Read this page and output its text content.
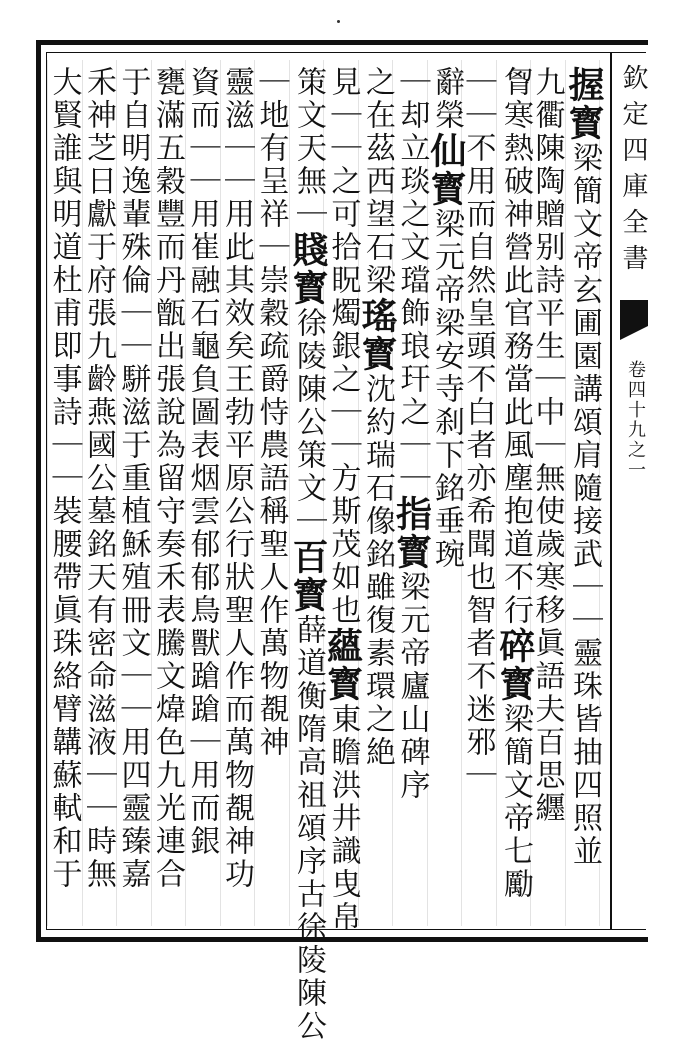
欽定四庫全書
卷四十九之一
握寳梁簡文帝玄圃園講頌肩隨接武｜｜靈珠皆抽四照並
九衢陳陶贈别詩平生｜中｜無使歲寒移眞語夫百思纒
胷寒熱破神營此官務當此風塵抱道不行碎寳梁簡文帝七勵
｜｜不用而自然皇頭不白者亦希聞也智者不迷邪｜
辭榮仙寳梁元帝梁安寺刹下銘垂琬
｜却立琰之文璫飾琅玕之｜｜指寳梁元帝廬山碑序
之在茲西望石梁瑤寳沈約瑞石像銘雖復素環之絶
見｜｜之可拾眖燭銀之｜｜方斯茂如也蘊寳東瞻洪井識曳帛
策文天無｜賤寳徐陵陳公策文｜百寳薛道衡隋高祖頌序古徐陵陳公
｜地有呈祥｜崇穀疏爵恃農語稱聖人作萬物覩神
靈滋｜｜用此其效矣王勃平原公行狀聖人作而萬物覩神功
資而｜｜用崔融石龜負圖表烟雲郁郁鳥獸蹌蹌｜用而銀
甕滿五穀豐而丹甑出張說為留守奏禾表騰文煒色九光連合
于自明逸輩殊倫｜｜駢滋于重植穌殖冊文｜｜用四靈臻嘉
禾神芝日獻于府張九齡燕國公墓銘天有密命滋液｜｜時無
大賢誰與明道杜甫即事詩｜｜裝腰帶眞珠絡臂韝蘇軾和于
